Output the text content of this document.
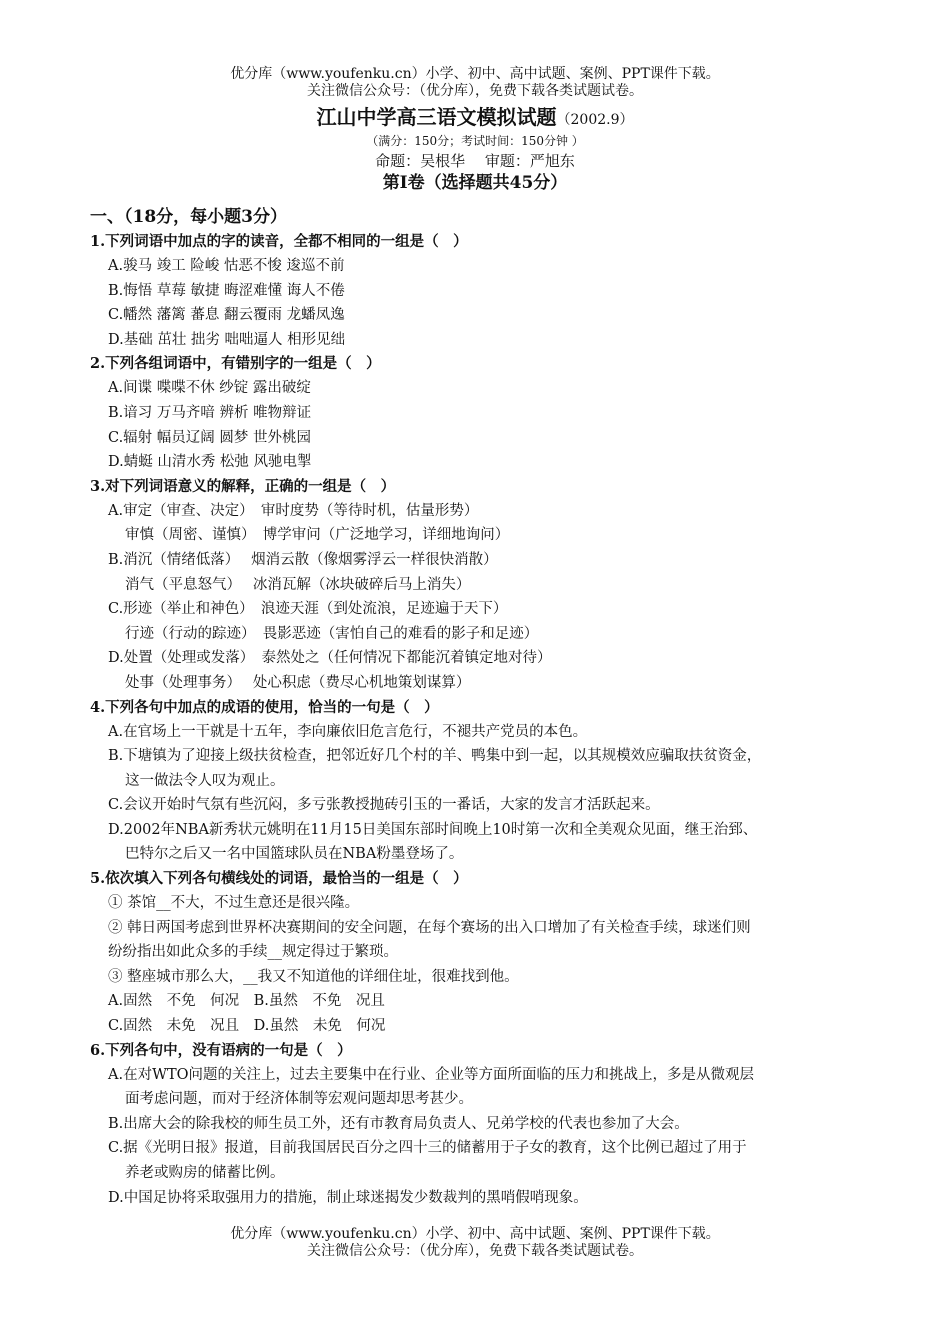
优分库（www.youfenku.cn）小学、初中、高中试题、案例、PPT课件下载。
关注微信公众号：（优分库），免费下载各类试题试卷。
江山中学高三语文模拟试题（2002.9）
（满分：150分；考试时间：150分钟 ）
命题：吴根华　 审题：严旭东
第Ⅰ卷（选择题共45分）
一、（18分，每小题3分）
1.下列词语中加点的字的读音，全都不相同的一组是（　）
A.骏马 竣工 险峻 怙恶不悛 逡巡不前
B.悔悟 草莓 敏捷 晦涩难懂 诲人不倦
C.幡然 藩篱 蕃息 翻云覆雨 龙蟠凤逸
D.基础 茁壮 拙劣 咄咄逼人 相形见绌
2.下列各组词语中，有错别字的一组是（　）
A.间谍 喋喋不休 纱锭 露出破绽
B.谙习 万马齐喑 辨析 唯物辩证
C.辐射 幅员辽阔 圆梦 世外桃园
D.蜻蜓 山清水秀 松弛 风驰电掣
3.对下列词语意义的解释，正确的一组是（　）
A.审定（审查、决定）　审时度势（等待时机，估量形势）
审慎（周密、谨慎）　博学审问（广泛地学习，详细地询问）
B.消沉（情绪低落）　 烟消云散（像烟雾浮云一样很快消散）
消气（平息怒气）　 冰消瓦解（冰块破碎后马上消失）
C.形迹（举止和神色）　浪迹天涯（到处流浪，足迹遍于天下）
行迹（行动的踪迹）　畏影恶迹（害怕自己的难看的影子和足迹）
D.处置（处理或发落）　泰然处之（任何情况下都能沉着镇定地对待）
处事（处理事务）　 处心积虑（费尽心机地策划谋算）
4.下列各句中加点的成语的使用，恰当的一句是（　）
A.在官场上一干就是十五年，李向廉依旧危言危行，不褪共产党员的本色。
B.下塘镇为了迎接上级扶贫检查，把邻近好几个村的羊、鸭集中到一起，以其规模效应骗取扶贫资金，
这一做法令人叹为观止。
C.会议开始时气氛有些沉闷，多亏张教授抛砖引玉的一番话，大家的发言才活跃起来。
D.2002年NBA新秀状元姚明在11月15日美国东部时间晚上10时第一次和全美观众见面，继王治郅、
巴特尔之后又一名中国篮球队员在NBA粉墨登场了。
5.依次填入下列各句横线处的词语，最恰当的一组是（　）
① 茶馆__不大，不过生意还是很兴隆。
② 韩日两国考虑到世界杯决赛期间的安全问题，在每个赛场的出入口增加了有关检查手续，球迷们则
纷纷指出如此众多的手续__规定得过于繁琐。
③ 整座城市那么大，__我又不知道他的详细住址，很难找到他。
A.固然　不免　何况　B.虽然　不免　况且
C.固然　未免　况且　D.虽然　未免　何况
6.下列各句中，没有语病的一句是（　）
A.在对WTO问题的关注上，过去主要集中在行业、企业等方面所面临的压力和挑战上，多是从微观层
面考虑问题，而对于经济体制等宏观问题却思考甚少。
B.出席大会的除我校的师生员工外，还有市教育局负责人、兄弟学校的代表也参加了大会。
C.据《光明日报》报道，目前我国居民百分之四十三的储蓄用于子女的教育，这个比例已超过了用于
养老或购房的储蓄比例。
D.中国足协将采取强用力的措施，制止球迷揭发少数裁判的黑哨假哨现象。
优分库（www.youfenku.cn）小学、初中、高中试题、案例、PPT课件下载。
关注微信公众号：（优分库），免费下载各类试题试卷。
